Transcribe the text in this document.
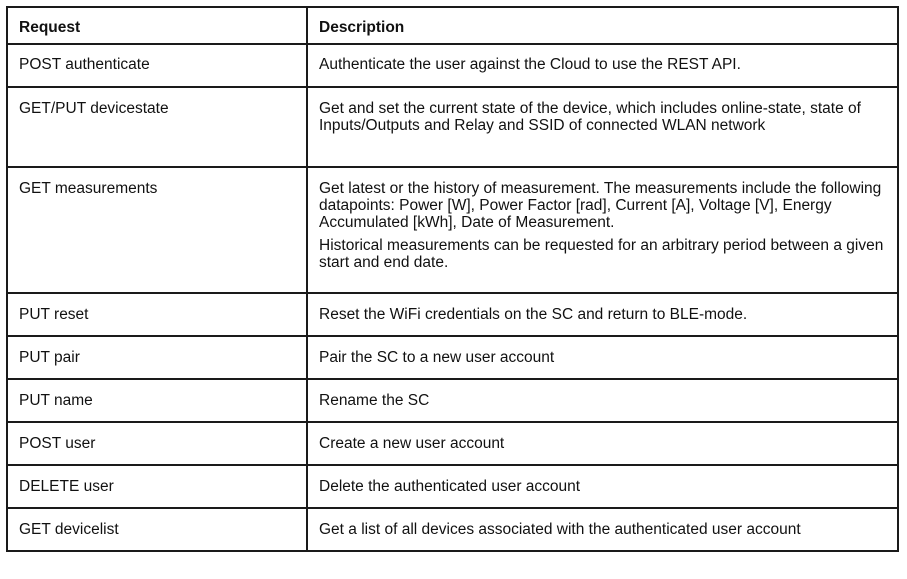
Request	Description
POST authenticate	Authenticate the user against the Cloud to use the REST API.

GET/PUT devicestate	Get and set the current state of the device, which includes online-state, state of Inputs/Outputs and Relay and SSID of connected WLAN network

GET measurements	Get latest or the history of measurement. The measurements include the following datapoints: Power [W], Power Factor [rad], Current [A], Voltage [V], Energy Accumulated [kWh], Date of Measurement.

Historical measurements can be requested for an arbitrary period between a given start and end date.

PUT reset	Reset the WiFi credentials on the SC and return to BLE-mode.

PUT pair	Pair the SC to a new user account

PUT name	Rename the SC

POST user	Create a new user account

DELETE user	Delete the authenticated user account

GET devicelist	Get a list of all devices associated with the authenticated user account
